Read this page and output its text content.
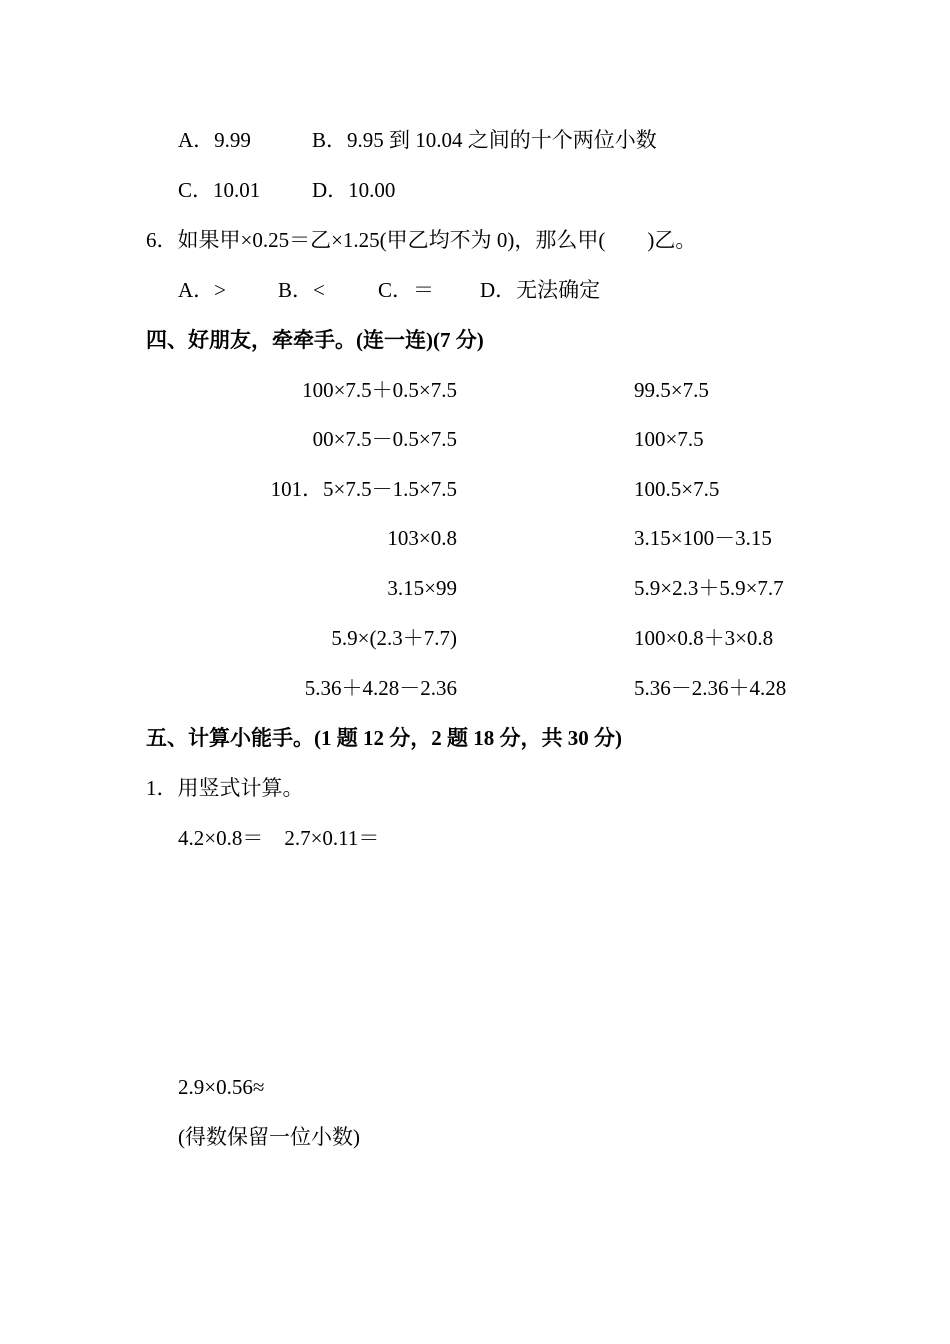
A．9.99	B．9.95 到 10.04 之间的十个两位小数
C．10.01 D．10.00
6．如果甲×0.25＝乙×1.25(甲乙均不为 0)，那么甲(　　)乙。
A．> B．<	C．＝ D．无法确定
四、好朋友，牵牵手。(连一连)(7 分)
100×7.5＋0.5×7.5
00×7.5－0.5×7.5
101．5×7.5－1.5×7.5
103×0.8
3.15×99
5.9×(2.3＋7.7)
5.36＋4.28－2.36
99.5×7.5
100×7.5
100.5×7.5
3.15×100－3.15
5.9×2.3＋5.9×7.7
100×0.8＋3×0.8
5.36－2.36＋4.28
五、计算小能手。(1 题 12 分，2 题 18 分，共 30 分)
1．用竖式计算。
4.2×0.8＝　2.7×0.11＝
2.9×0.56≈
(得数保留一位小数)
